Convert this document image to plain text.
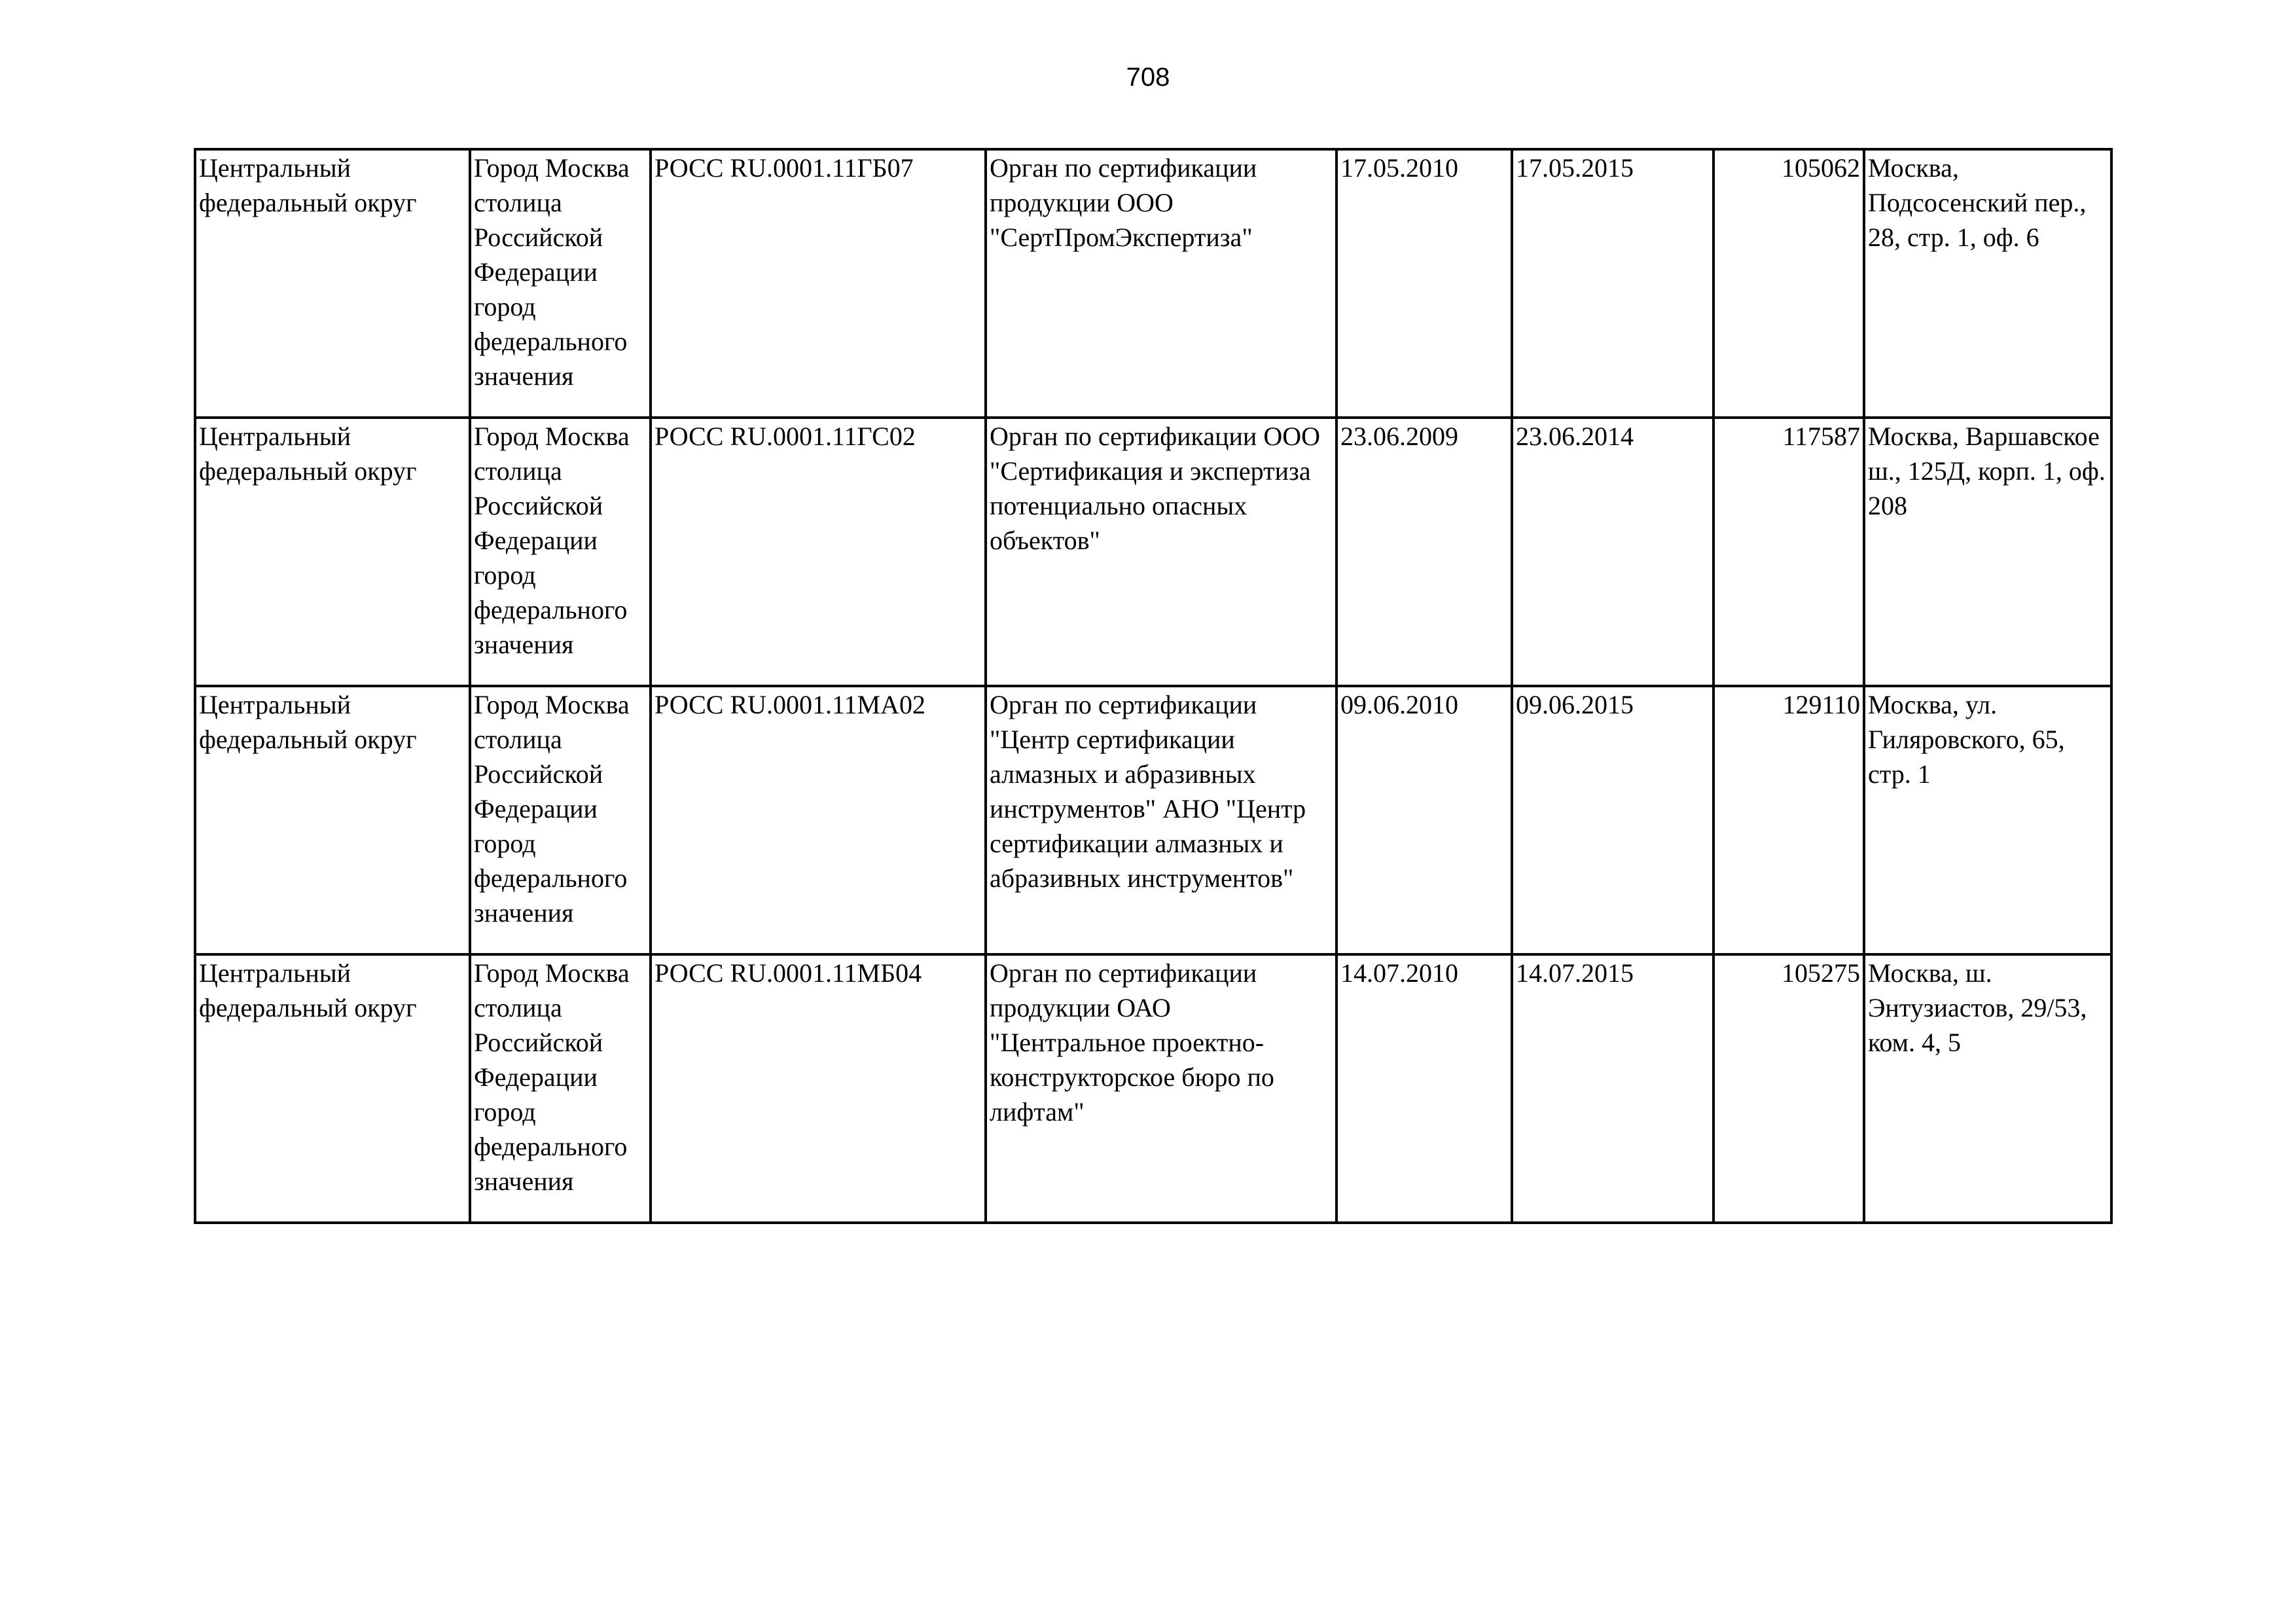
708
Центральный федеральный округ	Город Москва столица Российской Федерации город федерального значения	РОСС RU.0001.11ГБ07	Орган по сертификации продукции ООО "СертПромЭкспертиза"	17.05.2010	17.05.2015	105062	Москва, Подсосенский пер., 28, стр. 1, оф. 6

Центральный федеральный округ	Город Москва столица Российской Федерации город федерального значения	РОСС RU.0001.11ГС02	Орган по сертификации ООО "Сертификация и экспертиза потенциально опасных объектов"	23.06.2009	23.06.2014	117587	Москва, Варшавское ш., 125Д, корп. 1, оф. 208

Центральный федеральный округ	Город Москва столица Российской Федерации город федерального значения	РОСС RU.0001.11МА02	Орган по сертификации "Центр сертификации алмазных и абразивных инструментов" АНО "Центр сертификации алмазных и абразивных инструментов"	09.06.2010	09.06.2015	129110	Москва, ул. Гиляровского, 65, стр. 1

Центральный федеральный округ	Город Москва столица Российской Федерации город федерального значения	РОСС RU.0001.11МБ04	Орган по сертификации продукции ОАО "Центральное проектно-конструкторское бюро по лифтам"	14.07.2010	14.07.2015	105275	Москва, ш. Энтузиастов, 29/53, ком. 4, 5
